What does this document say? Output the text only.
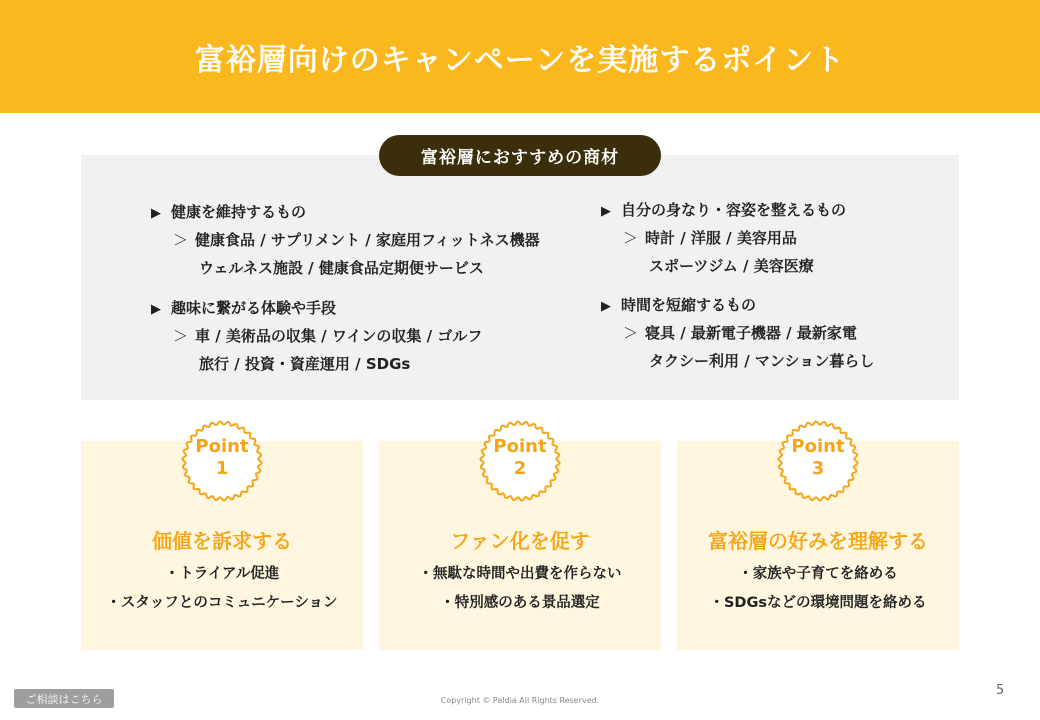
富裕層向けのキャンペーンを実施するポイント
富裕層におすすめの商材
▶ 健康を維持するもの
＞ 健康食品 / サプリメント / 家庭用フィットネス機器
ウェルネス施設 / 健康食品定期便サービス
▶ 趣味に繋がる体験や手段
＞ 車 / 美術品の収集 / ワインの収集 / ゴルフ
旅行 / 投資・資産運用 / SDGs
▶ 自分の身なり・容姿を整えるもの
＞ 時計 / 洋服 / 美容用品
スポーツジム / 美容医療
▶ 時間を短縮するもの
＞ 寝具 / 最新電子機器 / 最新家電
タクシー利用 / マンション暮らし
Point
1
Point
2
Point
3
価値を訴求する	ファン化を促す	富裕層の好みを理解する
・トライアル促進
・スタッフとのコミュニケーション
・無駄な時間や出費を作らない
・特別感のある景品選定
・家族や子育てを絡める
・SDGsなどの環境問題を絡める
ご相談はこちら	Copyright © Paldia All Rights Reserved.
5
